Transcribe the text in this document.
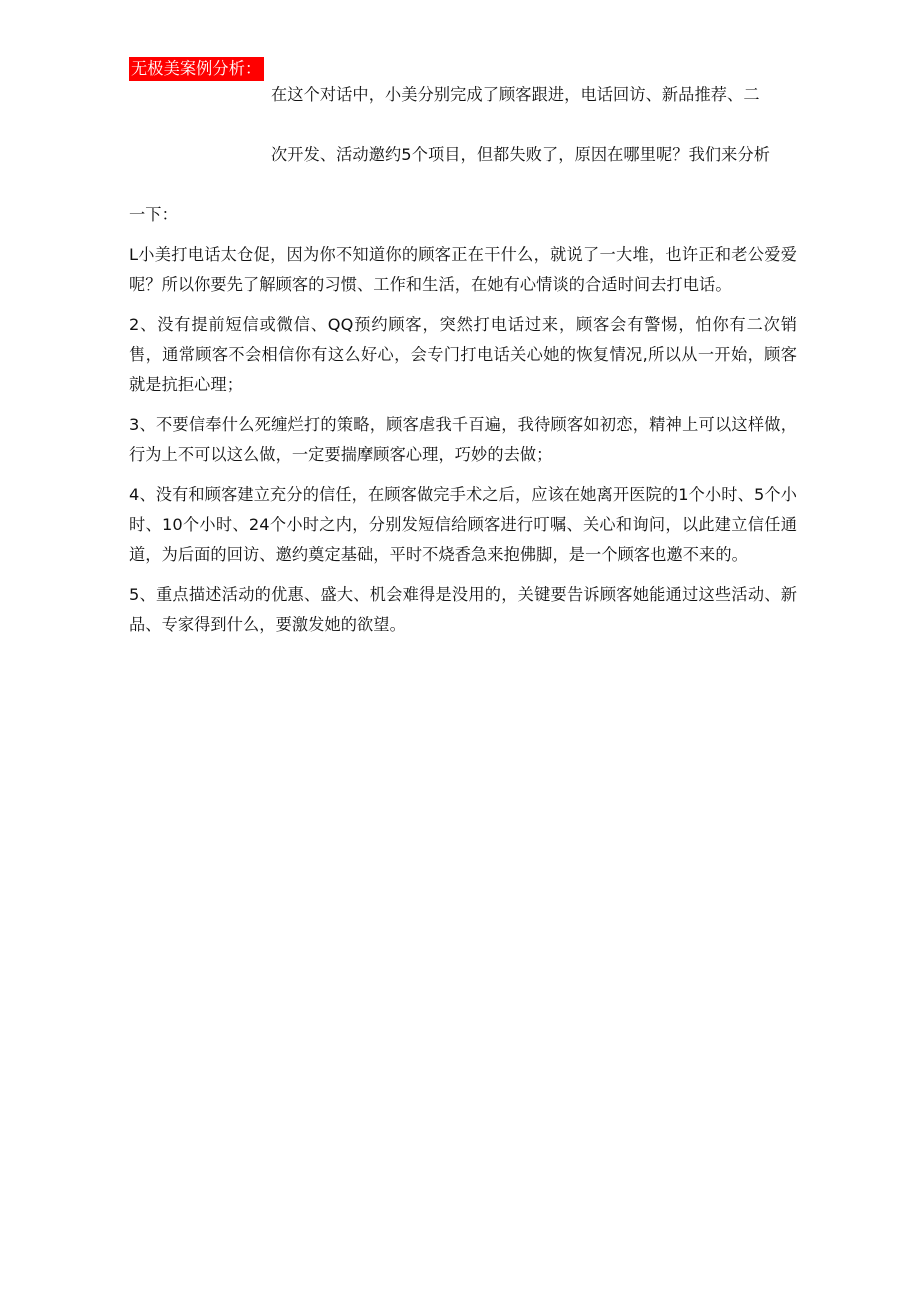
无极美案例分析：

在这个对话中，小美分别完成了顾客跟进，电话回访、新品推荐、二

次开发、活动邀约5个项目，但都失败了，原因在哪里呢？我们来分析

一下：

L小美打电话太仓促，因为你不知道你的顾客正在干什么，就说了一大堆，也许正和老公爱爱呢？所以你要先了解顾客的习惯、工作和生活，在她有心情谈的合适时间去打电话。

2、没有提前短信或微信、QQ预约顾客，突然打电话过来，顾客会有警惕，怕你有二次销售，通常顾客不会相信你有这么好心，会专门打电话关心她的恢复情况,所以从一开始，顾客就是抗拒心理；

3、不要信奉什么死缠烂打的策略，顾客虐我千百遍，我待顾客如初恋，精神上可以这样做，行为上不可以这么做，一定要揣摩顾客心理，巧妙的去做；

4、没有和顾客建立充分的信任，在顾客做完手术之后，应该在她离开医院的1个小时、5个小时、10个小时、24个小时之内，分别发短信给顾客进行叮嘱、关心和询问，以此建立信任通道，为后面的回访、邀约奠定基础，平时不烧香急来抱佛脚，是一个顾客也邀不来的。

5、重点描述活动的优惠、盛大、机会难得是没用的，关键要告诉顾客她能通过这些活动、新品、专家得到什么，要激发她的欲望。
